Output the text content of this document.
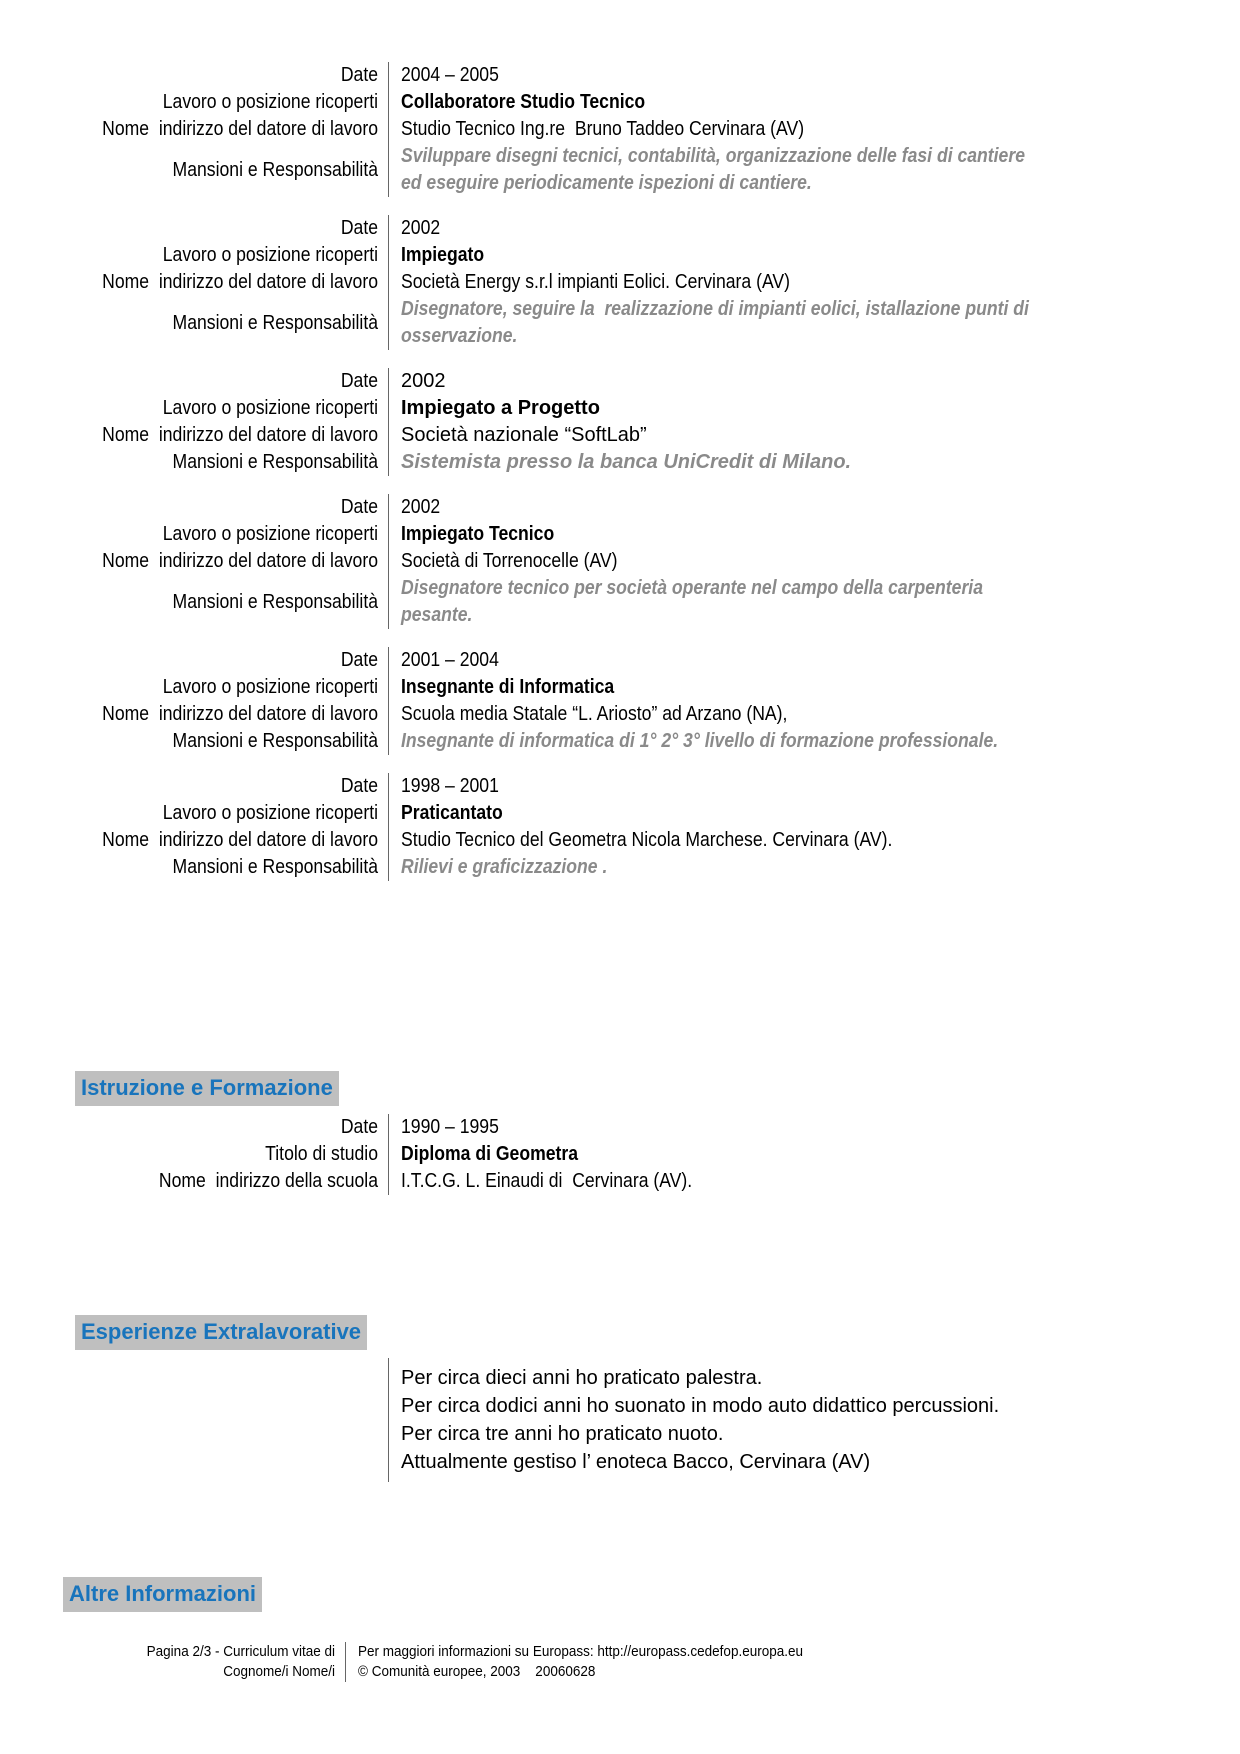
Date 2004 – 2005
Lavoro o posizione ricoperti Collaboratore Studio Tecnico
Nome  indirizzo del datore di lavoro Studio Tecnico Ing.re  Bruno Taddeo Cervinara (AV)
Mansioni e Responsabilità
Sviluppare disegni tecnici, contabilità, organizzazione delle fasi di cantiere ed eseguire periodicamente ispezioni di cantiere.
Date 2002
Lavoro o posizione ricoperti Impiegato
Nome  indirizzo del datore di lavoro Società Energy s.r.l impianti Eolici. Cervinara (AV)
Mansioni e Responsabilità
Disegnatore, seguire la  realizzazione di impianti eolici, istallazione punti di osservazione.
Date 2002
Lavoro o posizione ricoperti Impiegato a Progetto
Nome  indirizzo del datore di lavoro Società nazionale “SoftLab”
Mansioni e Responsabilità Sistemista presso la banca UniCredit di Milano.
Date 2002
Lavoro o posizione ricoperti Impiegato Tecnico
Nome  indirizzo del datore di lavoro Società di Torrenocelle (AV)
Mansioni e Responsabilità
Disegnatore tecnico per società operante nel campo della carpenteria pesante.
Date 2001 – 2004
Lavoro o posizione ricoperti Insegnante di Informatica
Nome  indirizzo del datore di lavoro Scuola media Statale “L. Ariosto” ad Arzano (NA),
Mansioni e Responsabilità Insegnante di informatica di 1° 2° 3° livello di formazione professionale.
Date 1998 – 2001
Lavoro o posizione ricoperti Praticantato
Nome  indirizzo del datore di lavoro Studio Tecnico del Geometra Nicola Marchese. Cervinara (AV).
Mansioni e Responsabilità Rilievi e graficizzazione .
Istruzione e Formazione
Date 1990 – 1995
Titolo di studio Diploma di Geometra
Nome  indirizzo della scuola I.T.C.G. L. Einaudi di  Cervinara (AV).
Esperienze Extralavorative
Per circa dieci anni ho praticato palestra.
Per circa dodici anni ho suonato in modo auto didattico percussioni.
Per circa tre anni ho praticato nuoto.
Attualmente gestiso l’ enoteca Bacco, Cervinara (AV)
Altre Informazioni
Pagina 2/3 - Curriculum vitae di
Cognome/i Nome/i
Per maggiori informazioni su Europass: http://europass.cedefop.europa.eu
© Comunità europee, 2003    20060628
